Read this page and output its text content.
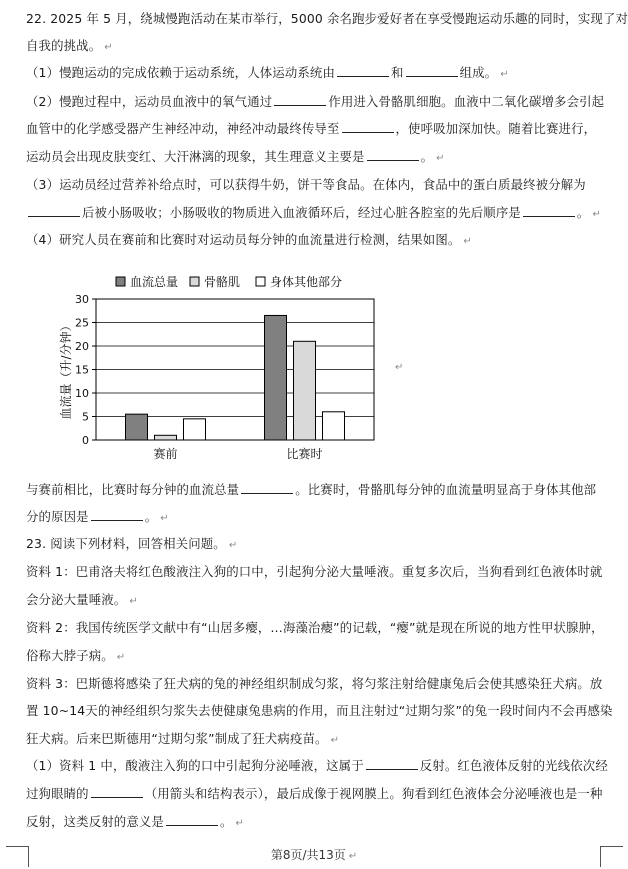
22. 2025 年 5 月，绕城慢跑活动在某市举行，5000 余名跑步爱好者在享受慢跑运动乐趣的同时，实现了对
自我的挑战。 ↵
（1）慢跑运动的完成依赖于运动系统，人体运动系统由	和	组成。 ↵
（2）慢跑过程中，运动员血液中的氧气通过	作用进入骨骼肌细胞。血液中二氧化碳增多会引起
血管中的化学感受器产生神经冲动，神经冲动最终传导至	，使呼吸加深加快。随着比赛进行，
运动员会出现皮肤变红、大汗淋漓的现象，其生理意义主要是	。 ↵
（3）运动员经过营养补给点时，可以获得牛奶，饼干等食品。在体内，食品中的蛋白质最终被分解为
后被小肠吸收；小肠吸收的物质进入血液循环后，经过心脏各腔室的先后顺序是	。 ↵
（4）研究人员在赛前和比赛时对运动员每分钟的血流量进行检测，结果如图。 ↵
0
5
10
15
20
25
30
血流量（升/分钟）
赛前	比赛时
血流总量 骨骼肌 身体其他部分
↵
与赛前相比，比赛时每分钟的血流总量	。比赛时，骨骼肌每分钟的血流量明显高于身体其他部
分的原因是	。 ↵
23. 阅读下列材料，回答相关问题。 ↵
资料 1：巴甫洛夫将红色酸液注入狗的口中，引起狗分泌大量唾液。重复多次后，当狗看到红色液体时就
会分泌大量唾液。 ↵
资料 2：我国传统医学文献中有“山居多瘿，…海藻治瘿”的记载，“瘿”就是现在所说的地方性甲状腺肿，
俗称大脖子病。 ↵
资料 3：巴斯德将感染了狂犬病的兔的神经组织制成匀浆，将匀浆注射给健康兔后会使其感染狂犬病。放
置 10~14天的神经组织匀浆失去使健康兔患病的作用，而且注射过“过期匀浆”的兔一段时间内不会再感染
狂犬病。后来巴斯德用“过期匀浆”制成了狂犬病疫苗。 ↵
（1）资料 1 中，酸液注入狗的口中引起狗分泌唾液，这属于	反射。红色液体反射的光线依次经
过狗眼睛的	（用箭头和结构表示），最后成像于视网膜上。狗看到红色液体会分泌唾液也是一种
反射，这类反射的意义是	。 ↵
第8页/共13页 ↵
